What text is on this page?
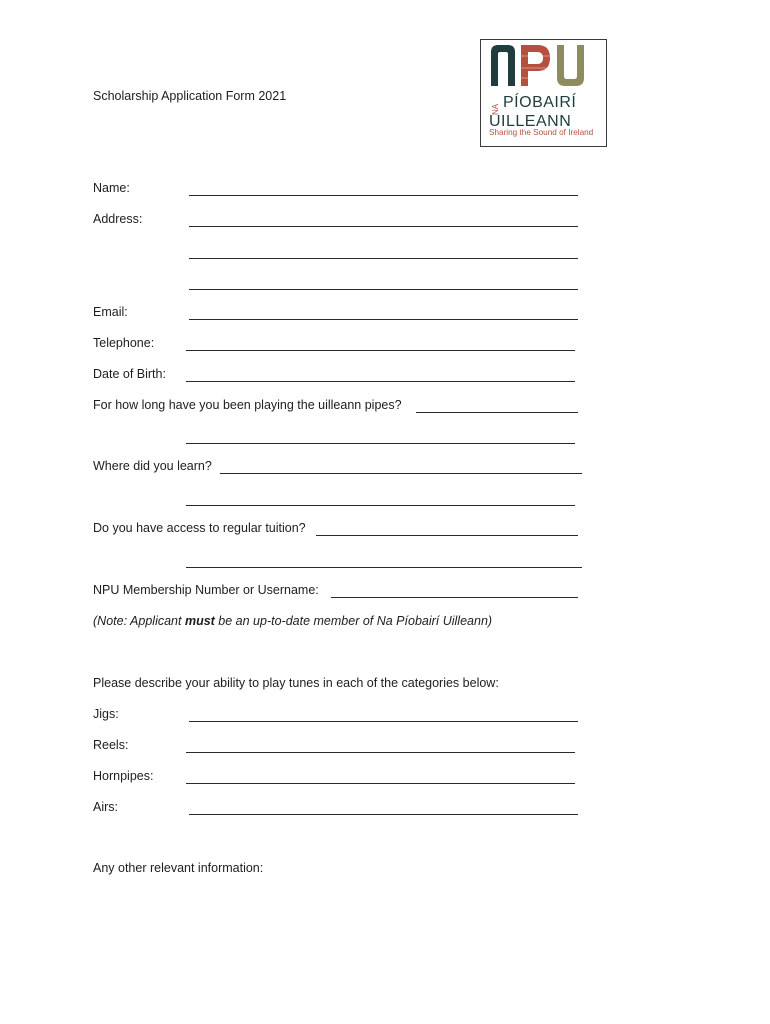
NA PÍOBAIRÍ
UILLEANN
Sharing the Sound of Ireland
Scholarship Application Form 2021
Name:
Address:
Email:
Telephone:
Date of Birth:
For how long have you been playing the uilleann pipes?
Where did you learn?
Do you have access to regular tuition?
NPU Membership Number or Username:
(Note: Applicant must be an up-to-date member of Na Píobairí Uilleann)
Please describe your ability to play tunes in each of the categories below:
Jigs:
Reels:
Hornpipes:
Airs:
Any other relevant information:
